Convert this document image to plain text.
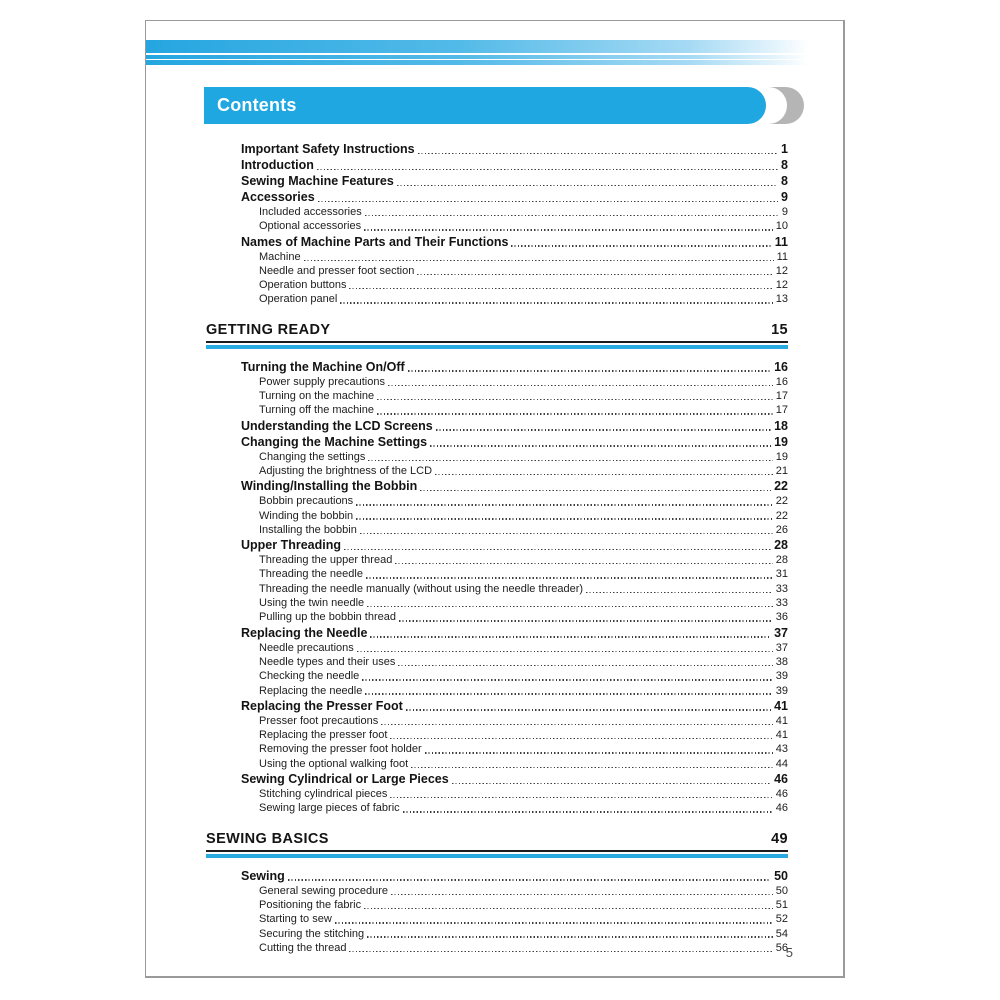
Contents
Important Safety Instructions	1
Introduction	8
Sewing Machine Features	8
Accessories	9
Included accessories	9
Optional accessories	10
Names of Machine Parts and Their Functions	11
Machine	11
Needle and presser foot section	12
Operation buttons	12
Operation panel	13
GETTING READY	15
Turning the Machine On/Off	16
Power supply precautions	16
Turning on the machine	17
Turning off the machine	17
Understanding the LCD Screens	18
Changing the Machine Settings	19
Changing the settings	19
Adjusting the brightness of the LCD	21
Winding/Installing the Bobbin	22
Bobbin precautions	22
Winding the bobbin	22
Installing the bobbin	26
Upper Threading	28
Threading the upper thread	28
Threading the needle	31
Threading the needle manually (without using the needle threader)	33
Using the twin needle	33
Pulling up the bobbin thread	36
Replacing the Needle	37
Needle precautions	37
Needle types and their uses	38
Checking the needle	39
Replacing the needle	39
Replacing the Presser Foot	41
Presser foot precautions	41
Replacing the presser foot	41
Removing the presser foot holder	43
Using the optional walking foot	44
Sewing Cylindrical or Large Pieces	46
Stitching cylindrical pieces	46
Sewing large pieces of fabric	46
SEWING BASICS	49
Sewing	50
General sewing procedure	50
Positioning the fabric	51
Starting to sew	52
Securing the stitching	54
Cutting the thread	56
5
